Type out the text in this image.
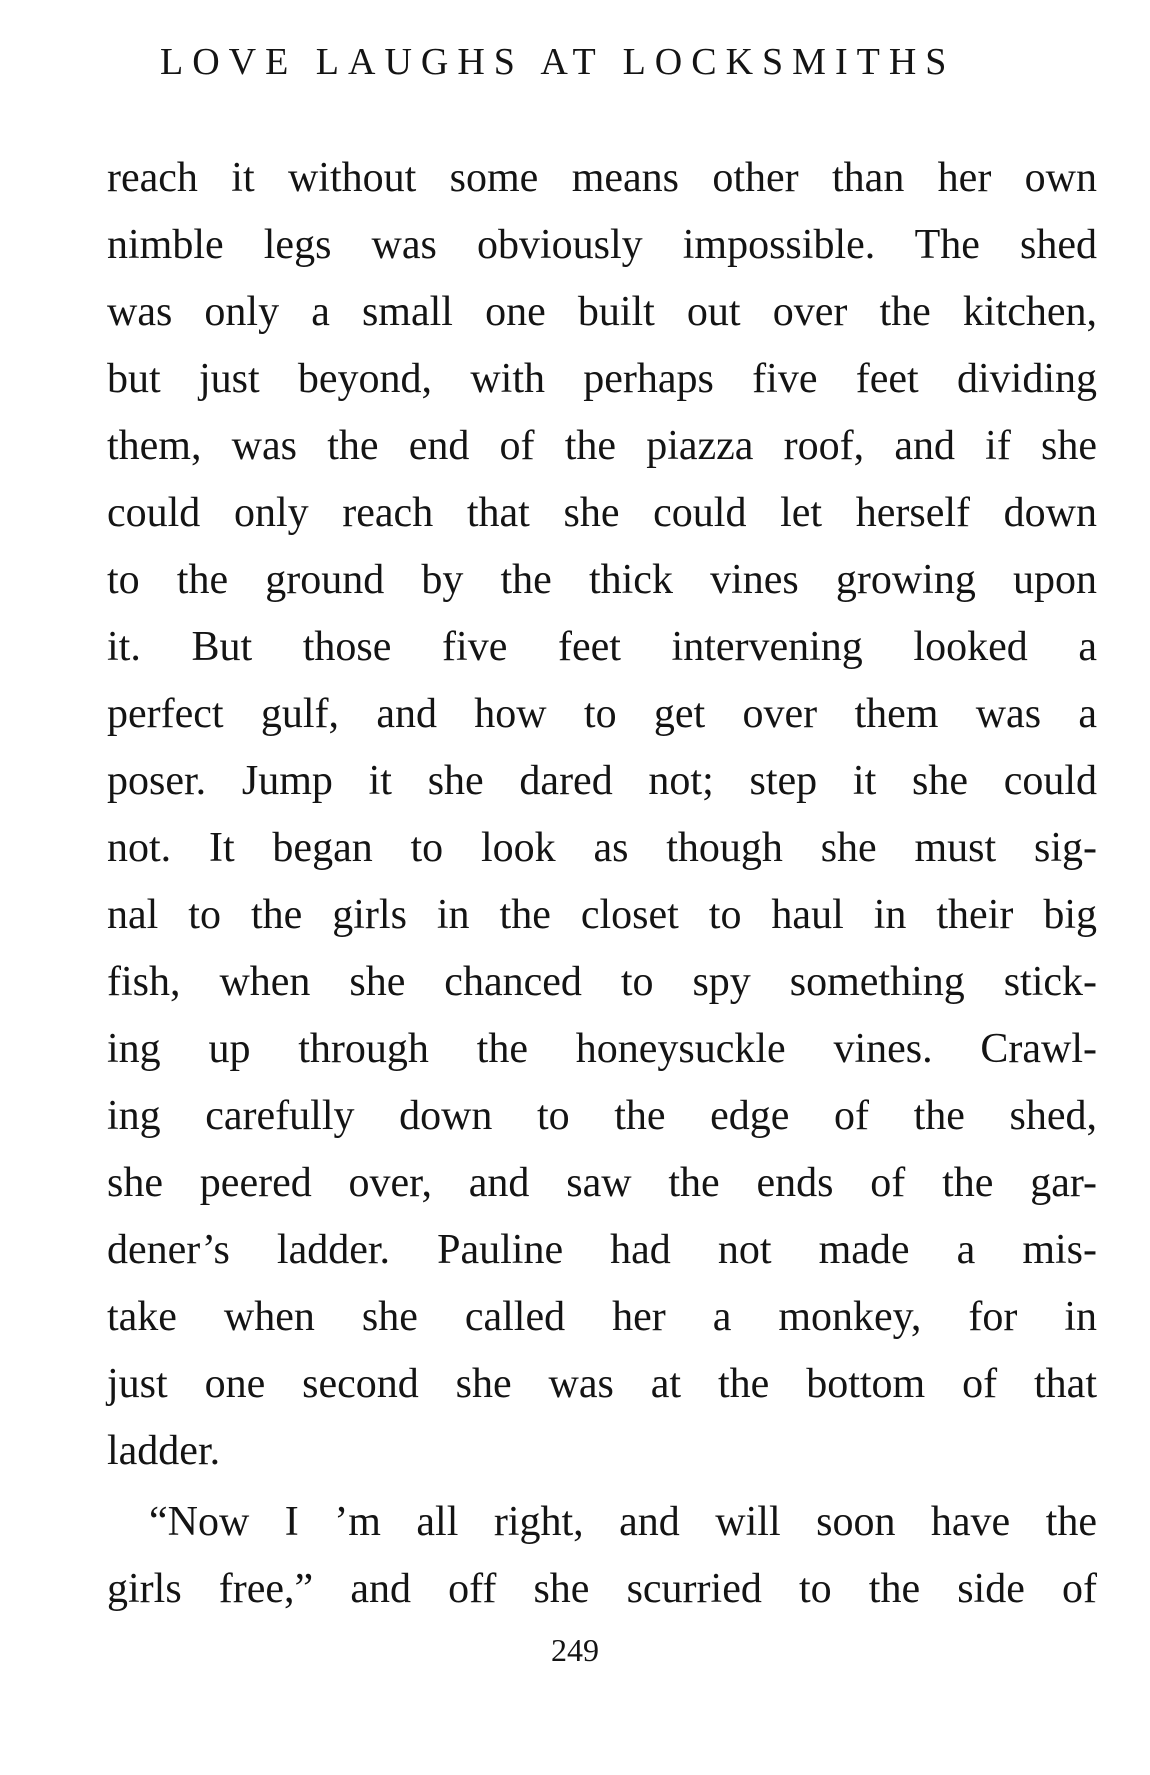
LOVE LAUGHS AT LOCKSMITHS
reach it without some means other than her own
nimble legs was obviously impossible. The shed
was only a small one built out over the kitchen,
but just beyond, with perhaps five feet dividing
them, was the end of the piazza roof, and if she
could only reach that she could let herself down
to the ground by the thick vines growing upon
it. But those five feet intervening looked a
perfect gulf, and how to get over them was a
poser. Jump it she dared not; step it she could
not. It began to look as though she must sig-
nal to the girls in the closet to haul in their big
fish, when she chanced to spy something stick-
ing up through the honeysuckle vines. Crawl-
ing carefully down to the edge of the shed,
she peered over, and saw the ends of the gar-
dener’s ladder. Pauline had not made a mis-
take when she called her a monkey, for in
just one second she was at the bottom of that
ladder.
“Now I ’m all right, and will soon have the
girls free,” and off she scurried to the side of
249
